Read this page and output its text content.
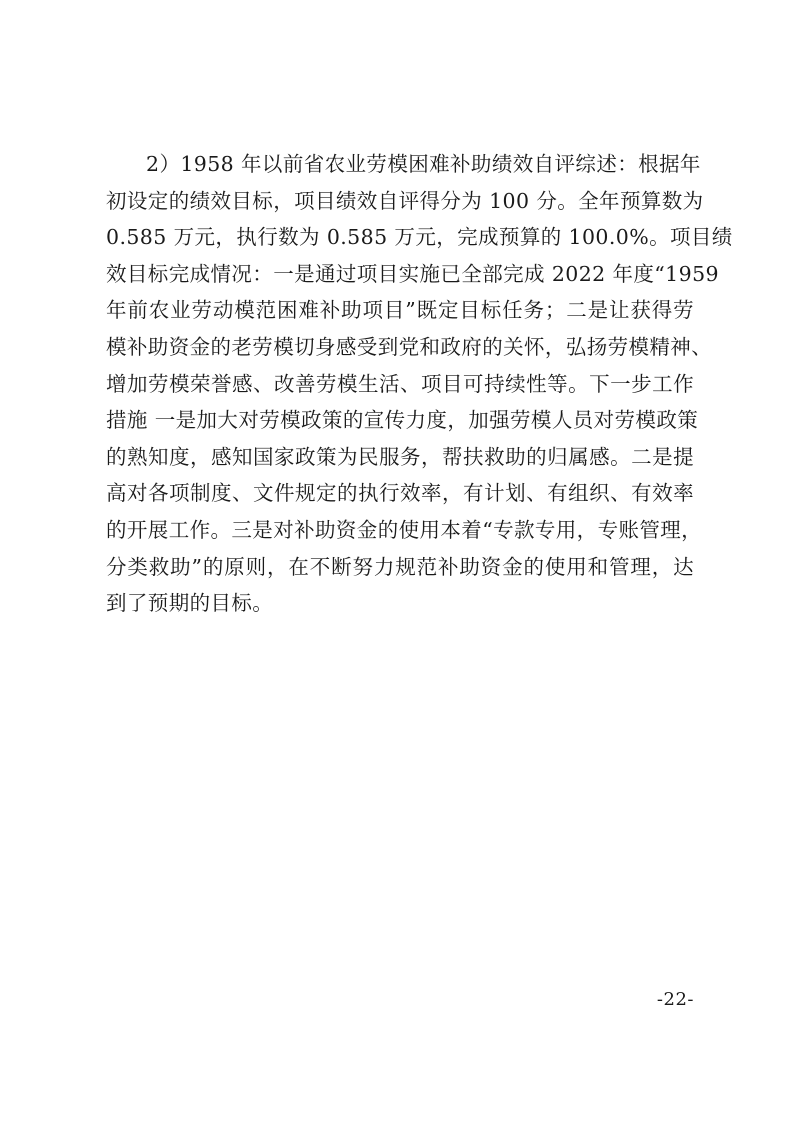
2）1958 年以前省农业劳模困难补助绩效自评综述：根据年
初设定的绩效目标，项目绩效自评得分为 100 分。全年预算数为
0.585 万元，执行数为 0.585 万元，完成预算的 100.0%。项目绩
效目标完成情况：一是通过项目实施已全部完成 2022 年度“1959
年前农业劳动模范困难补助项目”既定目标任务；二是让获得劳
模补助资金的老劳模切身感受到党和政府的关怀，弘扬劳模精神、
增加劳模荣誉感、改善劳模生活、项目可持续性等。下一步工作
措施 一是加大对劳模政策的宣传力度，加强劳模人员对劳模政策
的熟知度，感知国家政策为民服务，帮扶救助的归属感。二是提
高对各项制度、文件规定的执行效率，有计划、有组织、有效率
的开展工作。三是对补助资金的使用本着“专款专用，专账管理，
分类救助”的原则，在不断努力规范补助资金的使用和管理，达
到了预期的目标。
-22-
